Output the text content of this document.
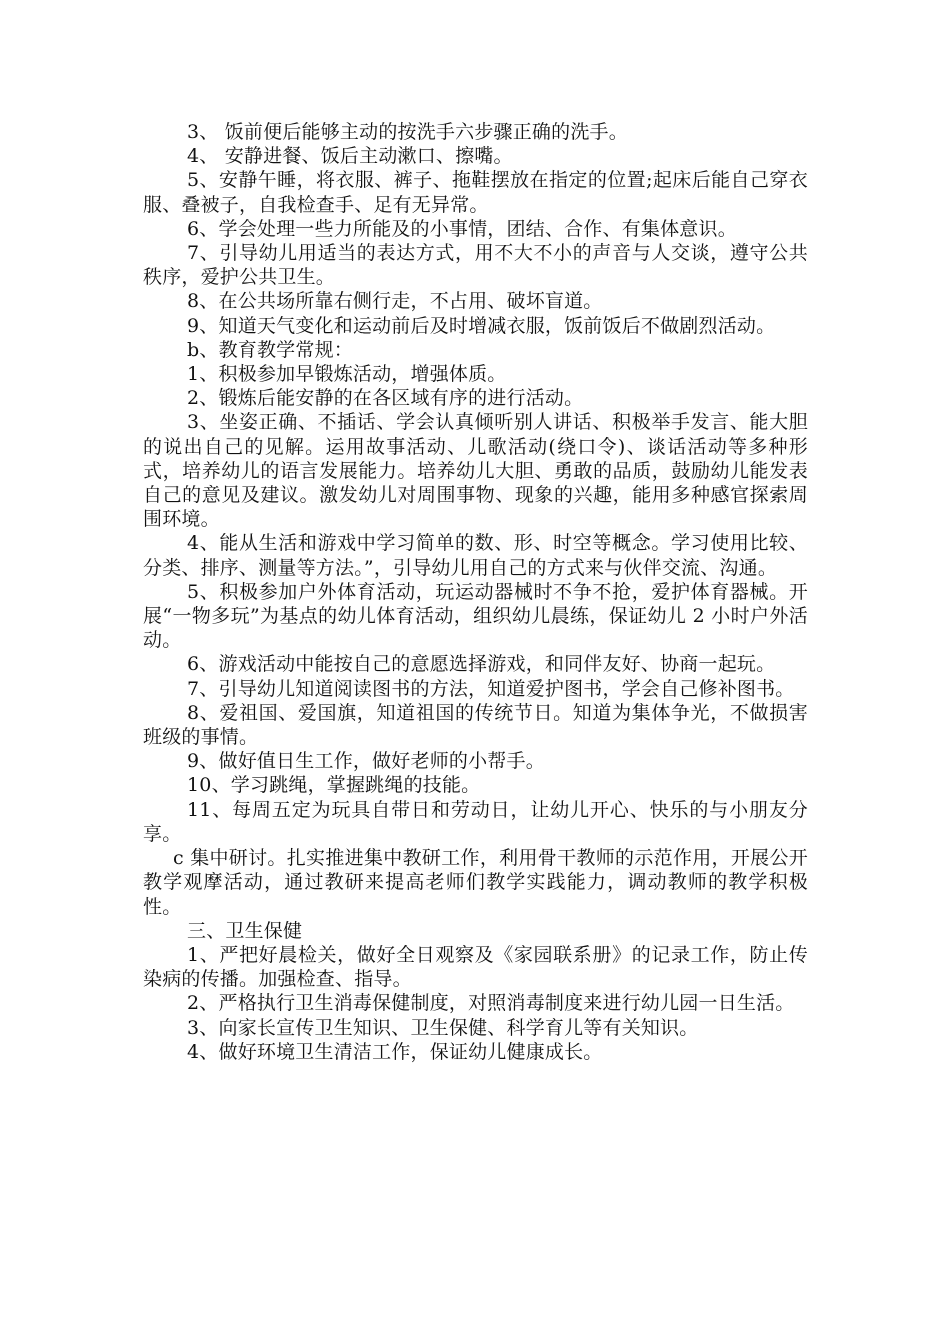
3、 饭前便后能够主动的按洗手六步骤正确的洗手。

4、 安静进餐、饭后主动漱口、擦嘴。

5、安静午睡，将衣服、裤子、拖鞋摆放在指定的位置;起床后能自己穿衣服、叠被子，自我检查手、足有无异常。

6、学会处理一些力所能及的小事情，团结、合作、有集体意识。

7、引导幼儿用适当的表达方式，用不大不小的声音与人交谈，遵守公共秩序，爱护公共卫生。

8、在公共场所靠右侧行走，不占用、破坏盲道。

9、知道天气变化和运动前后及时增减衣服，饭前饭后不做剧烈活动。

b、教育教学常规：

1、积极参加早锻炼活动，增强体质。

2、锻炼后能安静的在各区域有序的进行活动。

3、坐姿正确、不插话、学会认真倾听别人讲话、积极举手发言、能大胆的说出自己的见解。运用故事活动、儿歌活动(绕口令)、谈话活动等多种形式，培养幼儿的语言发展能力。培养幼儿大胆、勇敢的品质，鼓励幼儿能发表自己的意见及建议。激发幼儿对周围事物、现象的兴趣，能用多种感官探索周围环境。

4、能从生活和游戏中学习简单的数、形、时空等概念。学习使用比较、分类、排序、测量等方法。”，引导幼儿用自己的方式来与伙伴交流、沟通。

5、积极参加户外体育活动，玩运动器械时不争不抢，爱护体育器械。开展“一物多玩”为基点的幼儿体育活动，组织幼儿晨练，保证幼儿 2 小时户外活动。

6、游戏活动中能按自己的意愿选择游戏，和同伴友好、协商一起玩。

7、引导幼儿知道阅读图书的方法，知道爱护图书，学会自己修补图书。

8、爱祖国、爱国旗，知道祖国的传统节日。知道为集体争光，不做损害班级的事情。

9、做好值日生工作，做好老师的小帮手。

10、学习跳绳，掌握跳绳的技能。

11、每周五定为玩具自带日和劳动日，让幼儿开心、快乐的与小朋友分享。

c 集中研讨。扎实推进集中教研工作，利用骨干教师的示范作用，开展公开教学观摩活动，通过教研来提高老师们教学实践能力，调动教师的教学积极性。

三、卫生保健

1、严把好晨检关，做好全日观察及《家园联系册》的记录工作，防止传染病的传播。加强检查、指导。

2、严格执行卫生消毒保健制度，对照消毒制度来进行幼儿园一日生活。

3、向家长宣传卫生知识、卫生保健、科学育儿等有关知识。

4、做好环境卫生清洁工作，保证幼儿健康成长。
